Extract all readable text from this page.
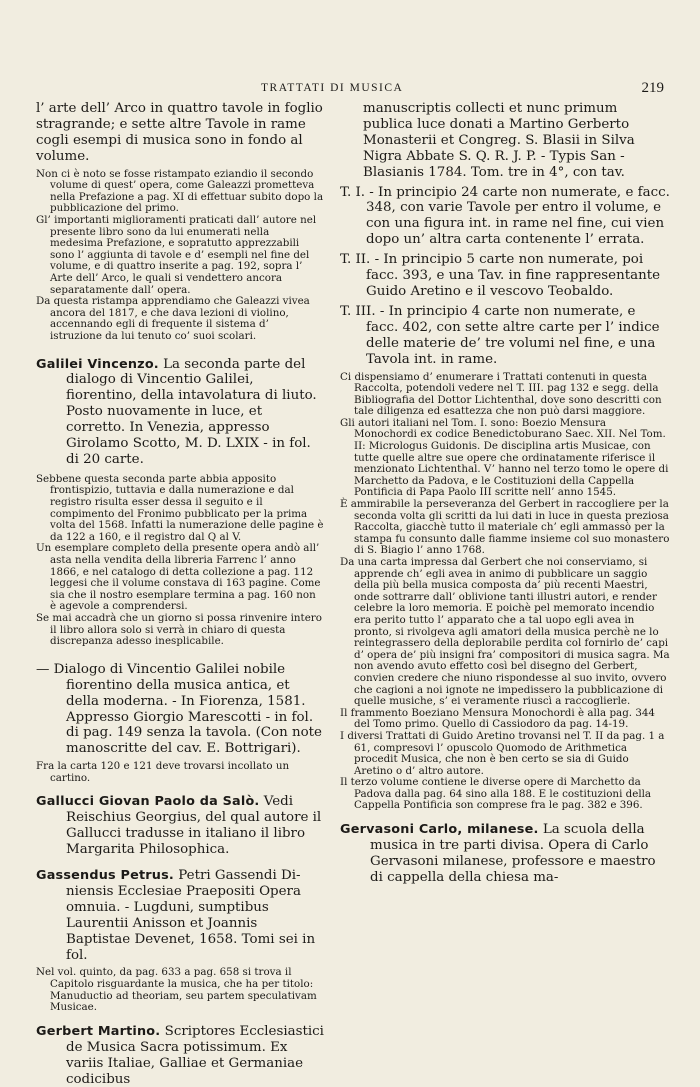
TRATTATI DI MUSICA	219
l’ arte dell’ Arco in quattro tavole in foglio stragrande; e sette altre Tavole in rame cogli esempi di musica sono in fondo al volume.
Non ci è noto se fosse ristampato eziandio il secondo volume di quest’ opera, come Galeazzi prometteva nella Prefazione a pag. XI di effettuar subito dopo la pubblicazione del primo.
Gl’ importanti miglioramenti praticati dall’ autore nel presente libro sono da lui enumerati nella medesima Prefazione, e sopratutto apprezzabili sono l’ aggiunta di tavole e d’ esempli nel fine del volume, e di quattro inserite a pag. 192, sopra l’ Arte dell’ Arco, le quali si vendettero ancora separatamente dall’ opera.
Da questa ristampa apprendiamo che Galeazzi vivea ancora del 1817, e che dava lezioni di violino, accennando egli di frequente il sistema d’ istruzione da lui tenuto co’ suoi scolari.
Galilei Vincenzo. La seconda parte del dialogo di Vincentio Galilei, fiorentino, della intavolatura di liuto. Posto nuovamente in luce, et corretto. In Venezia, appresso Girolamo Scotto, M. D. LXIX - in fol. di 20 carte.
Sebbene questa seconda parte abbia apposito frontispizio, tuttavia e dalla numerazione e dal registro risulta esser dessa il seguito e il compimento del Fronimo pubblicato per la prima volta del 1568. Infatti la numerazione delle pagine è da 122 a 160, e il registro dal Q al V.
Un esemplare completo della presente opera andò all’ asta nella vendita della libreria Farrenc l’ anno 1866, e nel catalogo di detta collezione a pag. 112 leggesi che il volume constava di 163 pagine. Come sia che il nostro esemplare termina a pag. 160 non è agevole a comprendersi.
Se mai accadrà che un giorno si possa rinvenire intero il libro allora solo si verrà in chiaro di questa discrepanza adesso inesplicabile.
— Dialogo di Vincentio Galilei nobile fiorentino della musica antica, et della moderna. - In Fiorenza, 1581. Appresso Giorgio Marescotti - in fol. di pag. 149 senza la tavola. (Con note manoscritte del cav. E. Bottrigari).
Fra la carta 120 e 121 deve trovarsi incollato un cartino.
Gallucci Giovan Paolo da Salò. Vedi Reischius Georgius, del qual autore il Gallucci tradusse in italiano il libro Margarita Philosophica.
Gassendus Petrus. Petri Gassendi Di- niensis Ecclesiae Praepositi Opera omnuia. - Lugduni, sumptibus Laurentii Anisson et Joannis Baptistae Devenet, 1658. Tomi sei in fol.
Nel vol. quinto, da pag. 633 a pag. 658 si trova il Capitolo risguardante la musica, che ha per titolo: Manuductio ad theoriam, seu partem speculativam Musicae.
Gerbert Martino. Scriptores Ecclesiastici de Musica Sacra potissimum. Ex variis Italiae, Galliae et Germaniae codicibus
manuscriptis collecti et nunc primum publica luce donati a Martino Gerberto Monasterii et Congreg. S. Blasii in Silva Nigra Abbate S. Q. R. J. P. - Typis San - Blasianis 1784. Tom. tre in 4°, con tav.
T. I. - In principio 24 carte non numerate, e facc. 348, con varie Tavole per entro il volume, e con una figura int. in rame nel fine, cui vien dopo un’ altra carta contenente l’ errata.
T. II. - In principio 5 carte non numerate, poi facc. 393, e una Tav. in fine rappresentante Guido Aretino e il vescovo Teobaldo.
T. III. - In principio 4 carte non numerate, e facc. 402, con sette altre carte per l’ indice delle materie de’ tre volumi nel fine, e una Tavola int. in rame.
Ci dispensiamo d’ enumerare i Trattati contenuti in questa Raccolta, potendoli vedere nel T. III. pag 132 e segg. della Bibliografia del Dottor Lichtenthal, dove sono descritti con tale diligenza ed esattezza che non può darsi maggiore.
Gli autori italiani nel Tom. I. sono: Boezio Mensura Monochordi ex codice Benedictoburano Saec. XII. Nel Tom. II: Micrologus Guidonis. De disciplina artis Musicae, con tutte quelle altre sue opere che ordinatamente riferisce il menzionato Lichtenthal. V’ hanno nel terzo tomo le opere di Marchetto da Padova, e le Costituzioni della Cappella Pontificia di Papa Paolo III scritte nell’ anno 1545.
È ammirabile la perseveranza del Gerbert in raccogliere per la seconda volta gli scritti da lui dati in luce in questa preziosa Raccolta, giacchè tutto il materiale ch’ egli ammassò per la stampa fu consunto dalle fiamme insieme col suo monastero di S. Biagio l’ anno 1768.
Da una carta impressa dal Gerbert che noi conserviamo, si apprende ch’ egli avea in animo di pubblicare un saggio della più bella musica composta da’ più recenti Maestri, onde sottrarre dall’ oblivione tanti illustri autori, e render celebre la loro memoria. E poichè pel memorato incendio era perito tutto l’ apparato che a tal uopo egli avea in pronto, si rivolgeva agli amatori della musica perchè ne lo reintegrassero della deplorabile perdita col fornirlo de’ capi d’ opera de’ più insigni fra’ compositori di musica sagra. Ma non avendo avuto effetto così bel disegno del Gerbert, convien credere che niuno rispondesse al suo invito, ovvero che cagioni a noi ignote ne impedissero la pubblicazione di quelle musiche, s’ ei veramente riuscì a raccoglierle.
Il frammento Boeziano Mensura Monochordi è alla pag. 344 del Tomo primo. Quello di Cassiodoro da pag. 14-19.
I diversi Trattati di Guido Aretino trovansi nel T. II da pag. 1 a 61, compresovi l’ opuscolo Quomodo de Arithmetica procedit Musica, che non è ben certo se sia di Guido Aretino o d’ altro autore.
Il terzo volume contiene le diverse opere di Marchetto da Padova dalla pag. 64 sino alla 188. E le costituzioni della Cappella Pontificia son comprese fra le pag. 382 e 396.
Gervasoni Carlo, milanese. La scuola della musica in tre parti divisa. Opera di Carlo Gervasoni milanese, professore e maestro di cappella della chiesa ma-
